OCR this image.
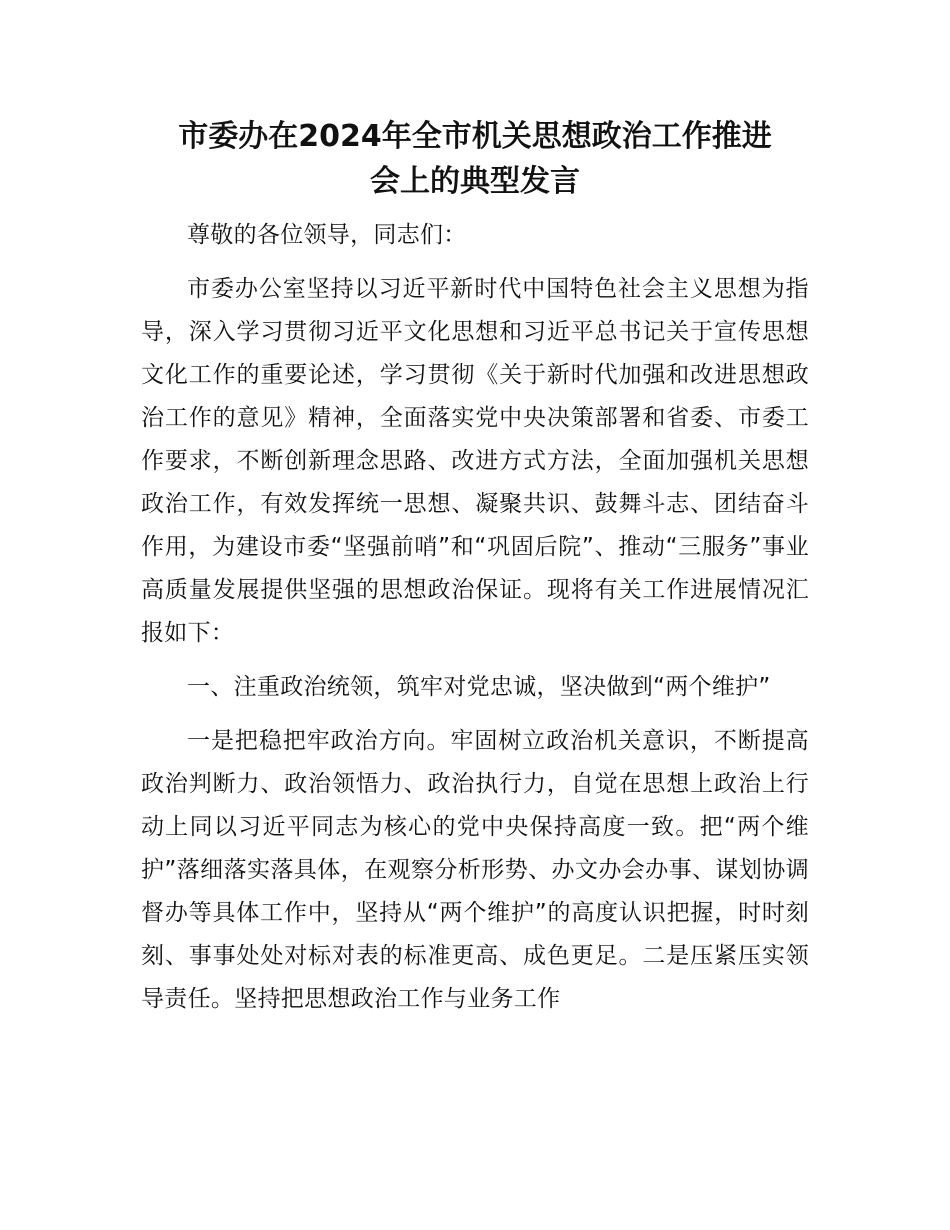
市委办在2024年全市机关思想政治工作推进
会上的典型发言

尊敬的各位领导，同志们：

市委办公室坚持以习近平新时代中国特色社会主义思想为指导，深入学习贯彻习近平文化思想和习近平总书记关于宣传思想文化工作的重要论述，学习贯彻《关于新时代加强和改进思想政治工作的意见》精神，全面落实党中央决策部署和省委、市委工作要求，不断创新理念思路、改进方式方法，全面加强机关思想政治工作，有效发挥统一思想、凝聚共识、鼓舞斗志、团结奋斗作用，为建设市委“坚强前哨”和“巩固后院”、推动“三服务”事业高质量发展提供坚强的思想政治保证。现将有关工作进展情况汇报如下：

一、注重政治统领，筑牢对党忠诚，坚决做到“两个维护”

一是把稳把牢政治方向。牢固树立政治机关意识，不断提高政治判断力、政治领悟力、政治执行力，自觉在思想上政治上行动上同以习近平同志为核心的党中央保持高度一致。把“两个维护”落细落实落具体，在观察分析形势、办文办会办事、谋划协调督办等具体工作中，坚持从“两个维护”的高度认识把握，时时刻刻、事事处处对标对表的标准更高、成色更足。二是压紧压实领导责任。坚持把思想政治工作与业务工作
